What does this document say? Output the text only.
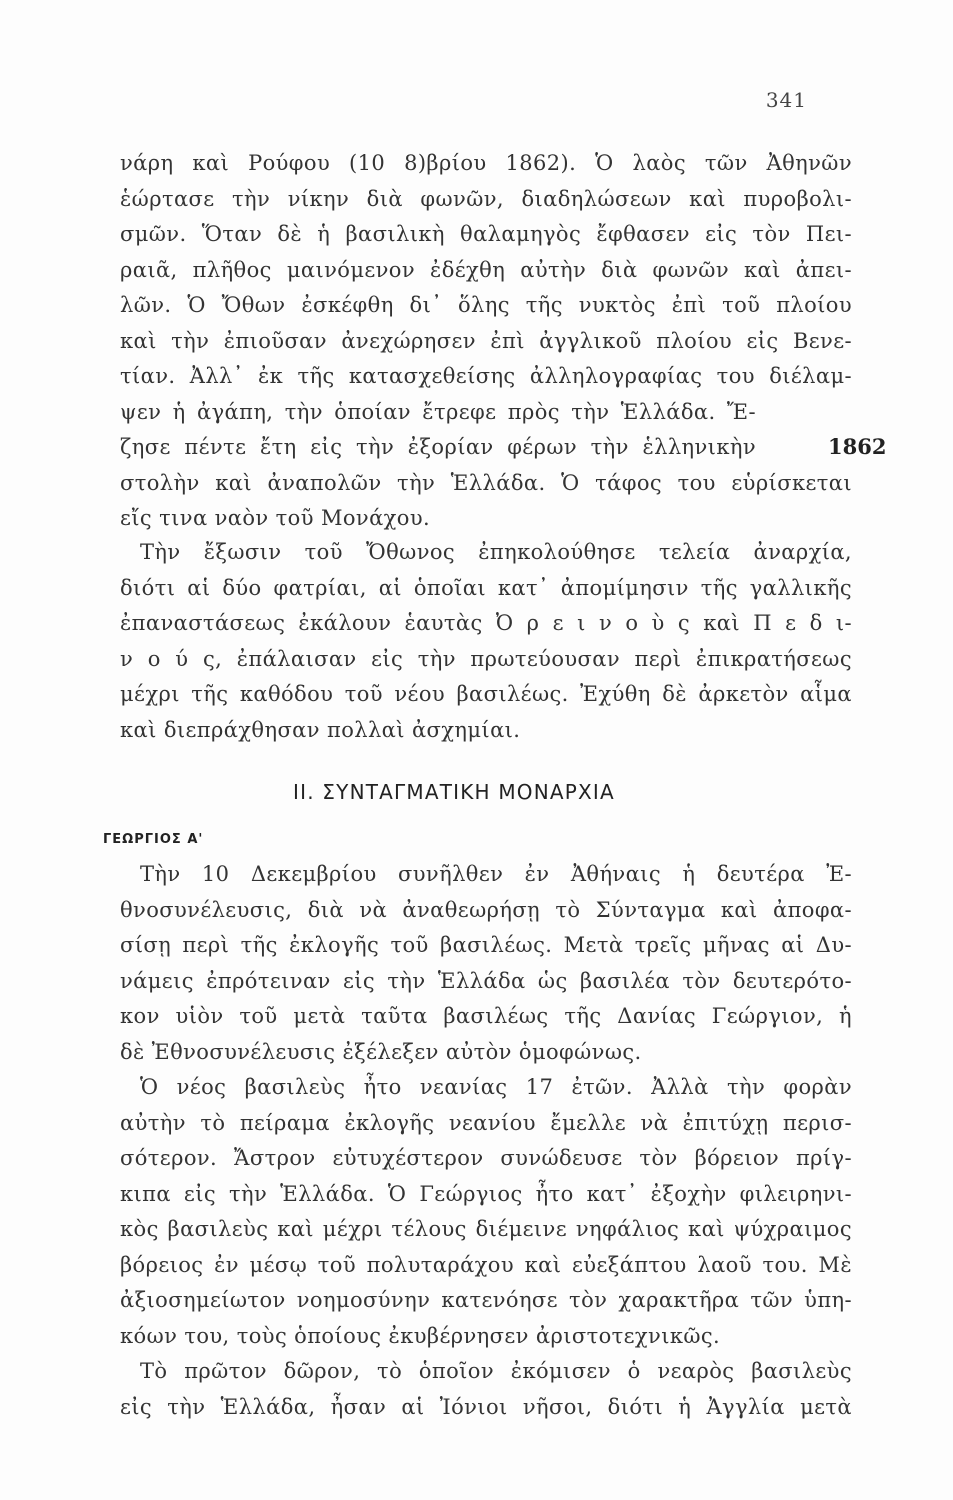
341
νάρη καὶ Ρούφου (10 8)βρίου 1862). Ὁ λαὸς τῶν Ἀθηνῶν
ἑώρτασε τὴν νίκην διὰ φωνῶν, διαδηλώσεων καὶ πυροβολι-
σμῶν. Ὅταν δὲ ἡ βασιλικὴ θαλαμηγὸς ἔφθασεν εἰς τὸν Πει-
ραιᾶ, πλῆθος μαινόμενον ἐδέχθη αὐτὴν διὰ φωνῶν καὶ ἀπει-
λῶν. Ὁ Ὄθων ἐσκέφθη δι᾽ ὅλης τῆς νυκτὸς ἐπὶ τοῦ πλοίου
καὶ τὴν ἐπιοῦσαν ἀνεχώρησεν ἐπὶ ἀγγλικοῦ πλοίου εἰς Βενε-
τίαν. Ἀλλ᾽ ἐκ τῆς κατασχεθείσης ἀλληλογραφίας του διέλαμ-
ψεν ἡ ἀγάπη, τὴν ὁποίαν ἔτρεφε πρὸς τὴν Ἑλλάδα. Ἔ-
ζησε πέντε ἔτη εἰς τὴν ἐξορίαν φέρων τὴν ἑλληνικὴν
στολὴν καὶ ἀναπολῶν τὴν Ἑλλάδα. Ὁ τάφος του εὑρίσκεται
εἴς τινα ναὸν τοῦ Μονάχου.
1862
Τὴν ἔξωσιν τοῦ Ὄθωνος ἐπηκολούθησε τελεία ἀναρχία,
διότι αἱ δύο φατρίαι, αἱ ὁποῖαι κατ᾽ ἀπομίμησιν τῆς γαλλικῆς
ἐπαναστάσεως ἐκάλουν ἑαυτὰς Ὀ ρ ε ι ν ο ὺ ς καὶ Π ε δ ι-
ν ο ύ ς, ἐπάλαισαν εἰς τὴν πρωτεύουσαν περὶ ἐπικρατήσεως
μέχρι τῆς καθόδου τοῦ νέου βασιλέως. Ἐχύθη δὲ ἀρκετὸν αἷμα
καὶ διεπράχθησαν πολλαὶ ἀσχημίαι.
II. ΣΥΝΤΑΓΜΑΤΙΚΗ ΜΟΝΑΡΧΙΑ
ΓΕΩΡΓΙΟΣ Α'
Τὴν 10 Δεκεμβρίου συνῆλθεν ἐν Ἀθήναις ἡ δευτέρα Ἐ-
θνοσυνέλευσις, διὰ νὰ ἀναθεωρήσῃ τὸ Σύνταγμα καὶ ἀποφα-
σίσῃ περὶ τῆς ἐκλογῆς τοῦ βασιλέως. Μετὰ τρεῖς μῆνας αἱ Δυ-
νάμεις ἐπρότειναν εἰς τὴν Ἑλλάδα ὡς βασιλέα τὸν δευτερότο-
κον υἱὸν τοῦ μετὰ ταῦτα βασιλέως τῆς Δανίας Γεώργιον, ἡ
δὲ Ἐθνοσυνέλευσις ἐξέλεξεν αὐτὸν ὁμοφώνως.
Ὁ νέος βασιλεὺς ἦτο νεανίας 17 ἐτῶν. Ἀλλὰ τὴν φορὰν
αὐτὴν τὸ πείραμα ἐκλογῆς νεανίου ἔμελλε νὰ ἐπιτύχῃ περισ-
σότερον. Ἄστρον εὐτυχέστερον συνώδευσε τὸν βόρειον πρίγ-
κιπα εἰς τὴν Ἑλλάδα. Ὁ Γεώργιος ἦτο κατ᾽ ἐξοχὴν φιλειρηνι-
κὸς βασιλεὺς καὶ μέχρι τέλους διέμεινε νηφάλιος καὶ ψύχραιμος
βόρειος ἐν μέσῳ τοῦ πολυταράχου καὶ εὐεξάπτου λαοῦ του. Μὲ
ἀξιοσημείωτον νοημοσύνην κατενόησε τὸν χαρακτῆρα τῶν ὑπη-
κόων του, τοὺς ὁποίους ἐκυβέρνησεν ἀριστοτεχνικῶς.
Τὸ πρῶτον δῶρον, τὸ ὁποῖον ἐκόμισεν ὁ νεαρὸς βασιλεὺς
εἰς τὴν Ἑλλάδα, ἦσαν αἱ Ἰόνιοι νῆσοι, διότι ἡ Ἀγγλία μετὰ
